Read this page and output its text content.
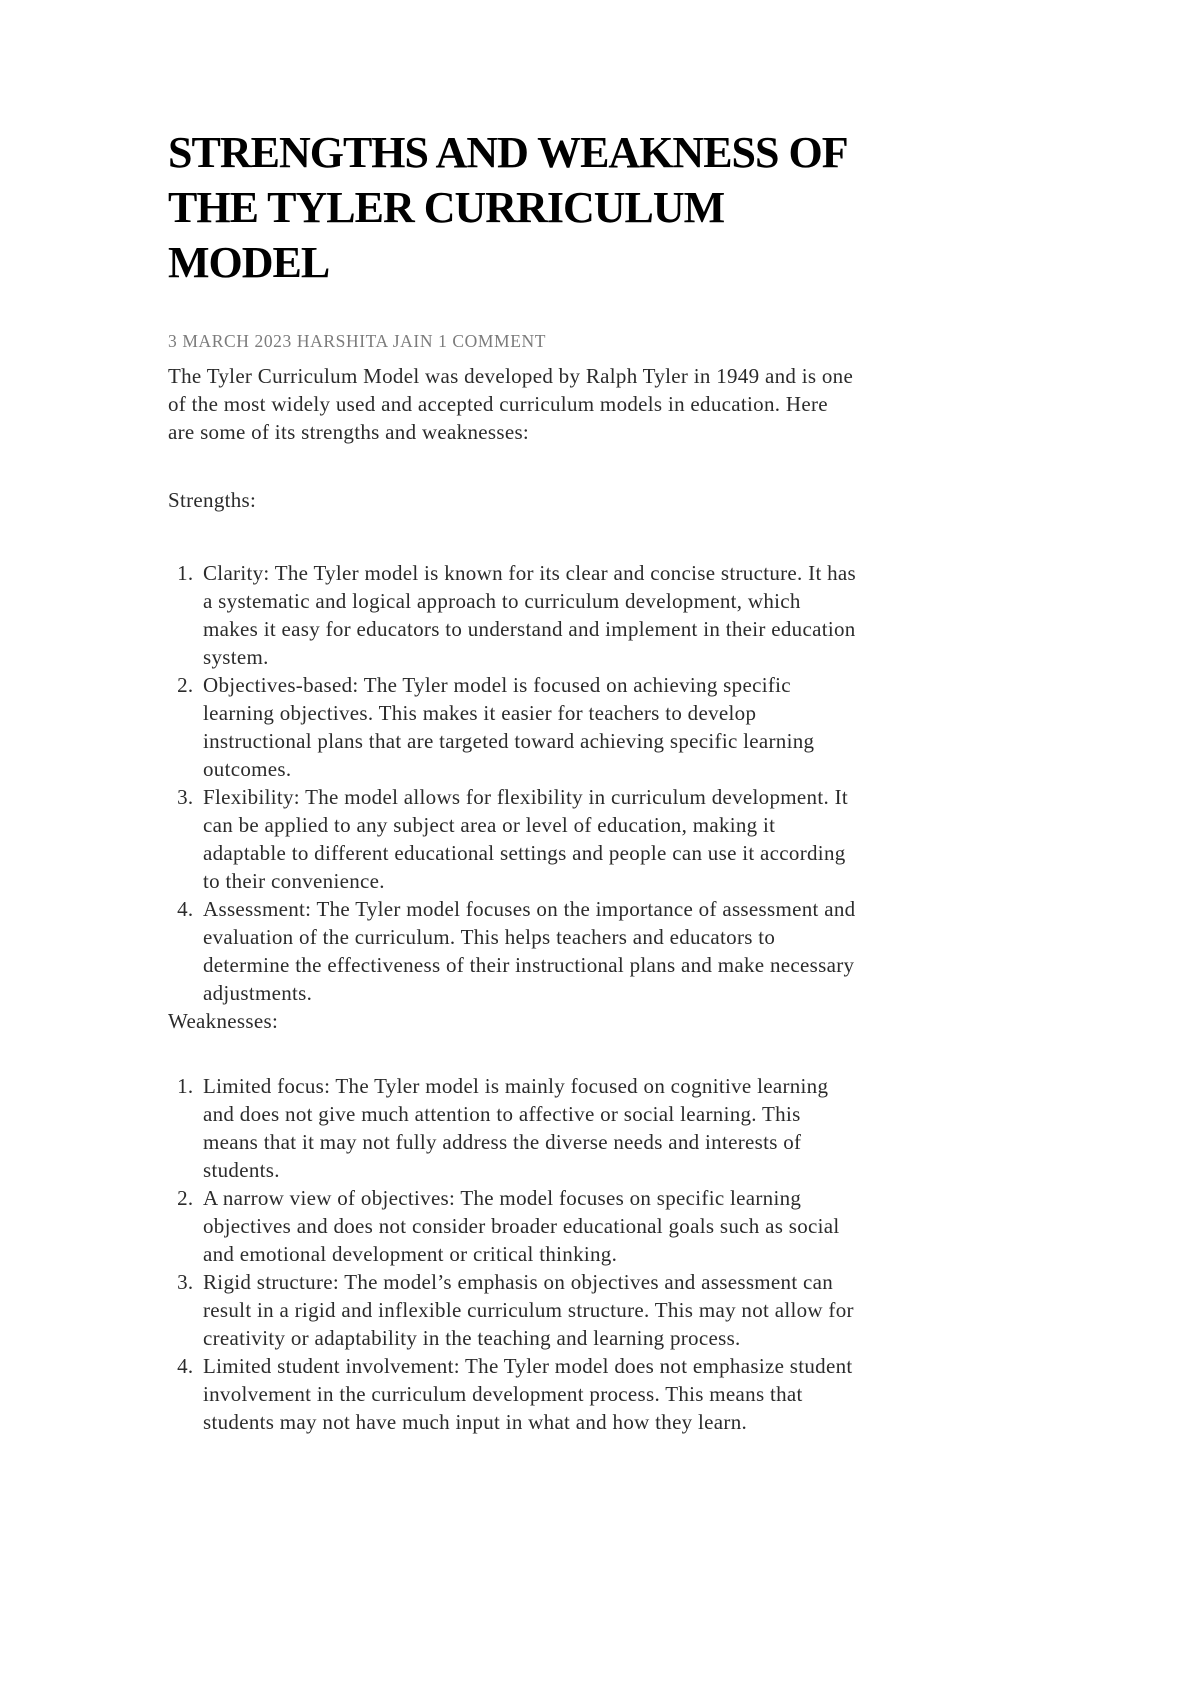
STRENGTHS AND WEAKNESS OF
THE TYLER CURRICULUM
MODEL
3 MARCH 2023 HARSHITA JAIN 1 COMMENT

The Tyler Curriculum Model was developed by Ralph Tyler in 1949 and is one of the most widely used and accepted curriculum models in education. Here are some of its strengths and weaknesses:

Strengths:

1. Clarity: The Tyler model is known for its clear and concise structure. It has a systematic and logical approach to curriculum development, which makes it easy for educators to understand and implement in their education system.
2. Objectives-based: The Tyler model is focused on achieving specific learning objectives. This makes it easier for teachers to develop instructional plans that are targeted toward achieving specific learning outcomes.
3. Flexibility: The model allows for flexibility in curriculum development. It can be applied to any subject area or level of education, making it adaptable to different educational settings and people can use it according to their convenience.
4. Assessment: The Tyler model focuses on the importance of assessment and evaluation of the curriculum. This helps teachers and educators to determine the effectiveness of their instructional plans and make necessary adjustments.

Weaknesses:

1. Limited focus: The Tyler model is mainly focused on cognitive learning and does not give much attention to affective or social learning. This means that it may not fully address the diverse needs and interests of students.
2. A narrow view of objectives: The model focuses on specific learning objectives and does not consider broader educational goals such as social and emotional development or critical thinking.
3. Rigid structure: The model’s emphasis on objectives and assessment can result in a rigid and inflexible curriculum structure. This may not allow for creativity or adaptability in the teaching and learning process.
4. Limited student involvement: The Tyler model does not emphasize student involvement in the curriculum development process. This means that students may not have much input in what and how they learn.
